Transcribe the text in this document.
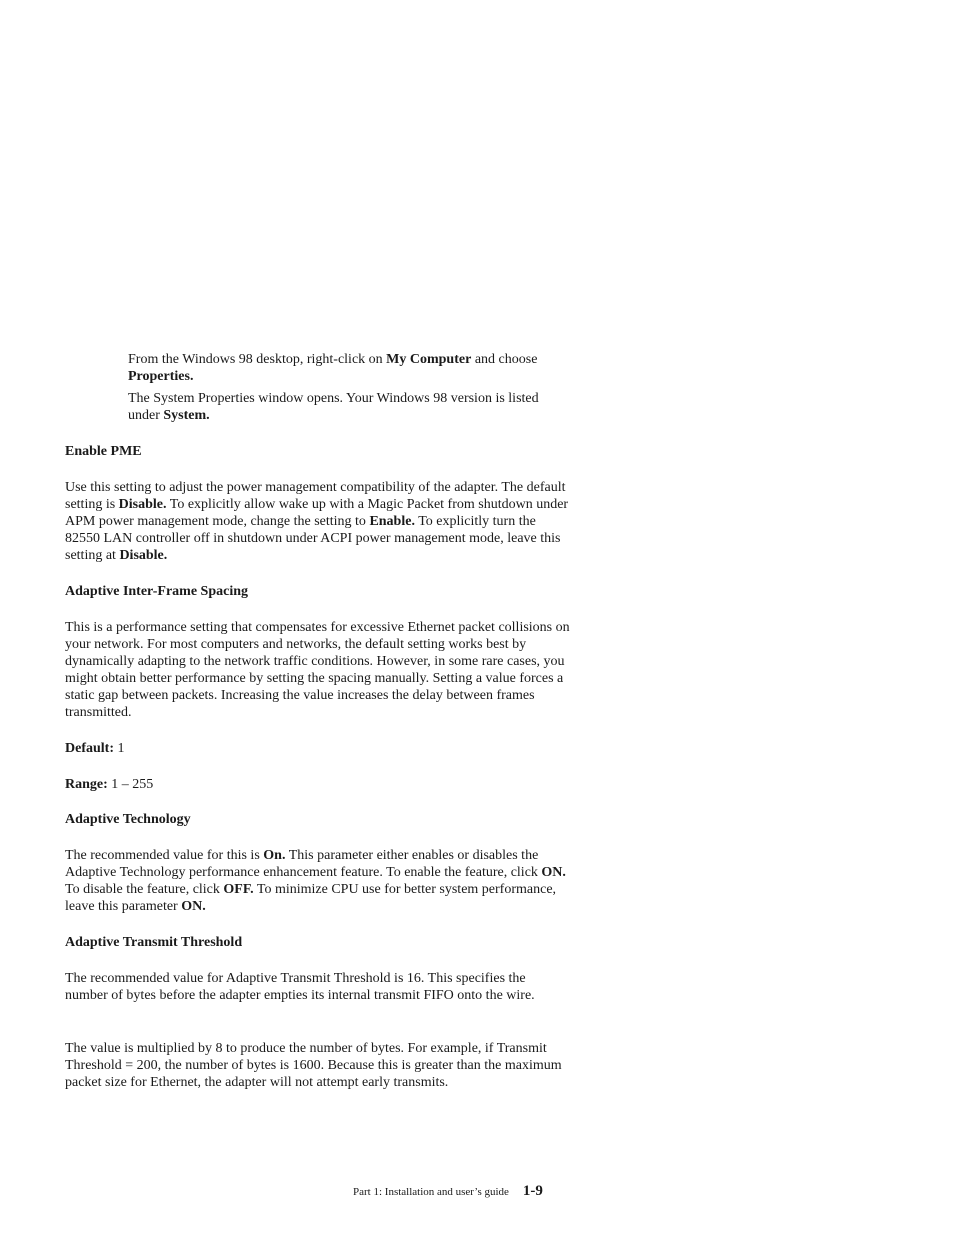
From the Windows 98 desktop, right-click on My Computer and choose Properties.

The System Properties window opens. Your Windows 98 version is listed under System.

Enable PME

Use this setting to adjust the power management compatibility of the adapter. The default setting is Disable. To explicitly allow wake up with a Magic Packet from shutdown under APM power management mode, change the setting to Enable. To explicitly turn the 82550 LAN controller off in shutdown under ACPI power management mode, leave this setting at Disable.

Adaptive Inter-Frame Spacing

This is a performance setting that compensates for excessive Ethernet packet collisions on your network. For most computers and networks, the default setting works best by dynamically adapting to the network traffic conditions. However, in some rare cases, you might obtain better performance by setting the spacing manually. Setting a value forces a static gap between packets. Increasing the value increases the delay between frames transmitted.

Default: 1

Range: 1 – 255

Adaptive Technology

The recommended value for this is On. This parameter either enables or disables the Adaptive Technology performance enhancement feature. To enable the feature, click ON. To disable the feature, click OFF. To minimize CPU use for better system performance, leave this parameter ON.

Adaptive Transmit Threshold

The recommended value for Adaptive Transmit Threshold is 16. This specifies the number of bytes before the adapter empties its internal transmit FIFO onto the wire.

The value is multiplied by 8 to produce the number of bytes. For example, if Transmit Threshold = 200, the number of bytes is 1600. Because this is greater than the maximum packet size for Ethernet, the adapter will not attempt early transmits.

Part 1: Installation and user’s guide 1-9
